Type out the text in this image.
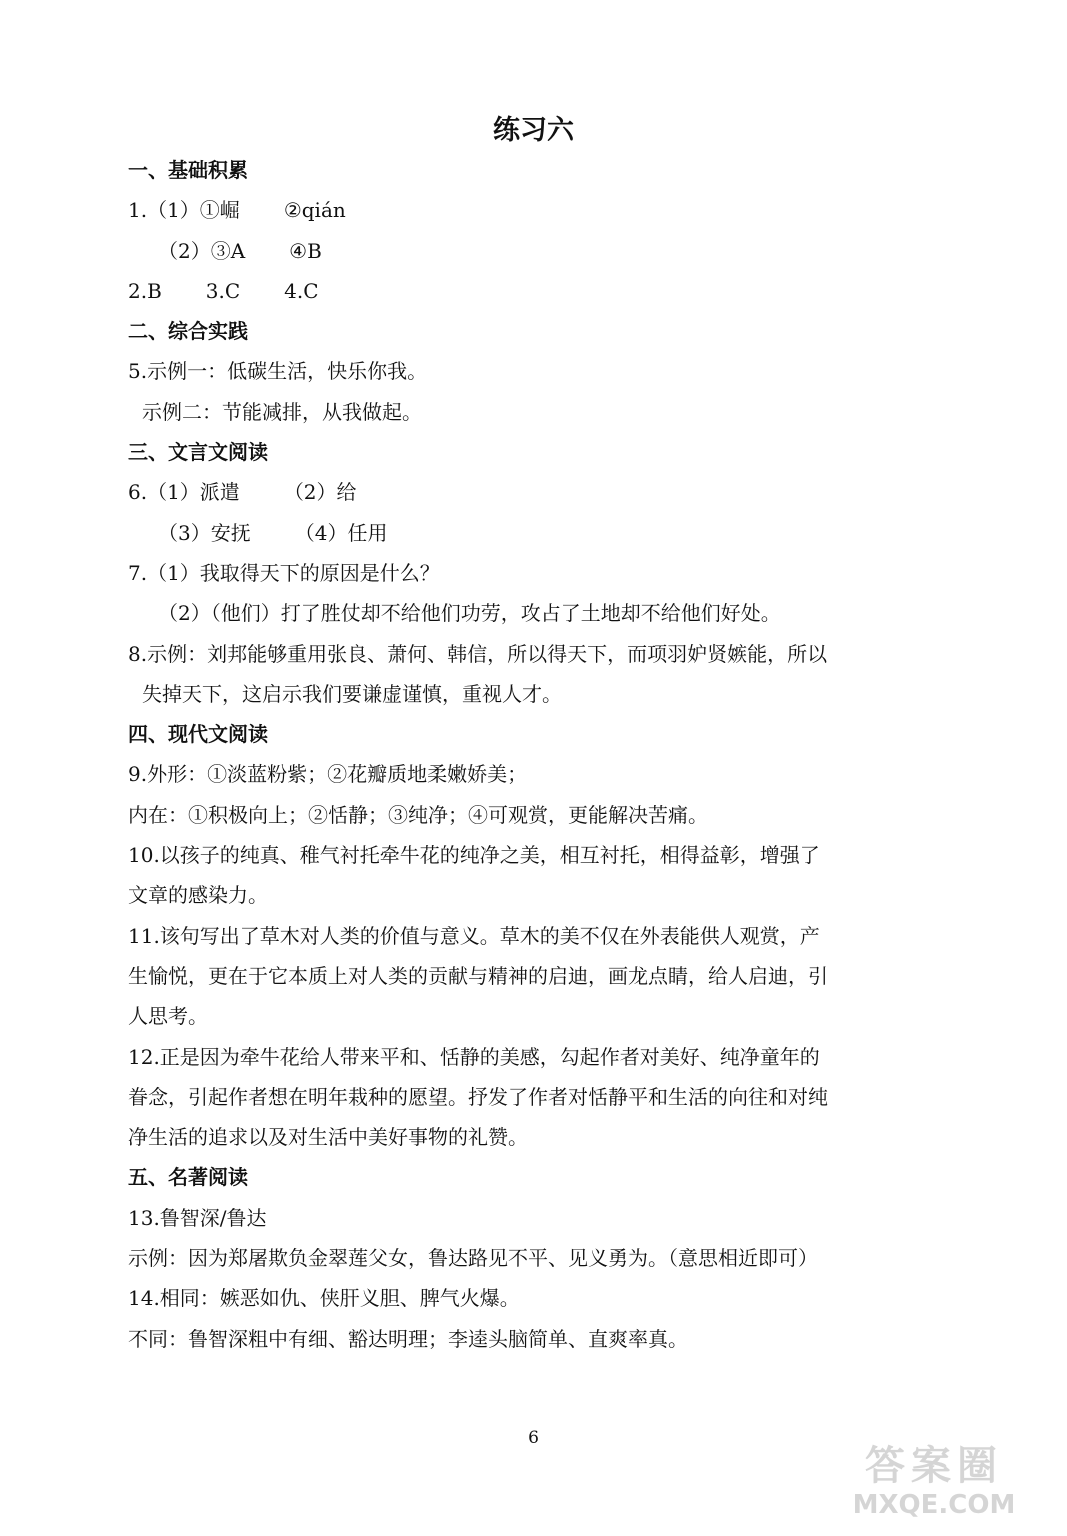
练习六
一、基础积累
1.（1）①崛 ②qián
（2）③A ④B
2.B 3.C 4.C
二、综合实践
5.示例一：低碳生活，快乐你我。
示例二：节能减排，从我做起。
三、文言文阅读
6.（1）派遣 （2）给
（3）安抚 （4）任用
7.（1）我取得天下的原因是什么？
（2）（他们）打了胜仗却不给他们功劳，攻占了土地却不给他们好处。
8.示例：刘邦能够重用张良、萧何、韩信，所以得天下，而项羽妒贤嫉能，所以
失掉天下，这启示我们要谦虚谨慎，重视人才。
四、现代文阅读
9.外形：①淡蓝粉紫；②花瓣质地柔嫩娇美；
内在：①积极向上；②恬静；③纯净；④可观赏，更能解决苦痛。
10.以孩子的纯真、稚气衬托牵牛花的纯净之美，相互衬托，相得益彰，增强了
文章的感染力。
11.该句写出了草木对人类的价值与意义。草木的美不仅在外表能供人观赏，产
生愉悦，更在于它本质上对人类的贡献与精神的启迪，画龙点睛，给人启迪，引
人思考。
12.正是因为牵牛花给人带来平和、恬静的美感，勾起作者对美好、纯净童年的
眷念，引起作者想在明年栽种的愿望。抒发了作者对恬静平和生活的向往和对纯
净生活的追求以及对生活中美好事物的礼赞。
五、名著阅读
13.鲁智深/鲁达
示例：因为郑屠欺负金翠莲父女，鲁达路见不平、见义勇为。（意思相近即可）
14.相同：嫉恶如仇、侠肝义胆、脾气火爆。
不同：鲁智深粗中有细、豁达明理；李逵头脑简单、直爽率真。
6
答案圈
MXQE.COM
